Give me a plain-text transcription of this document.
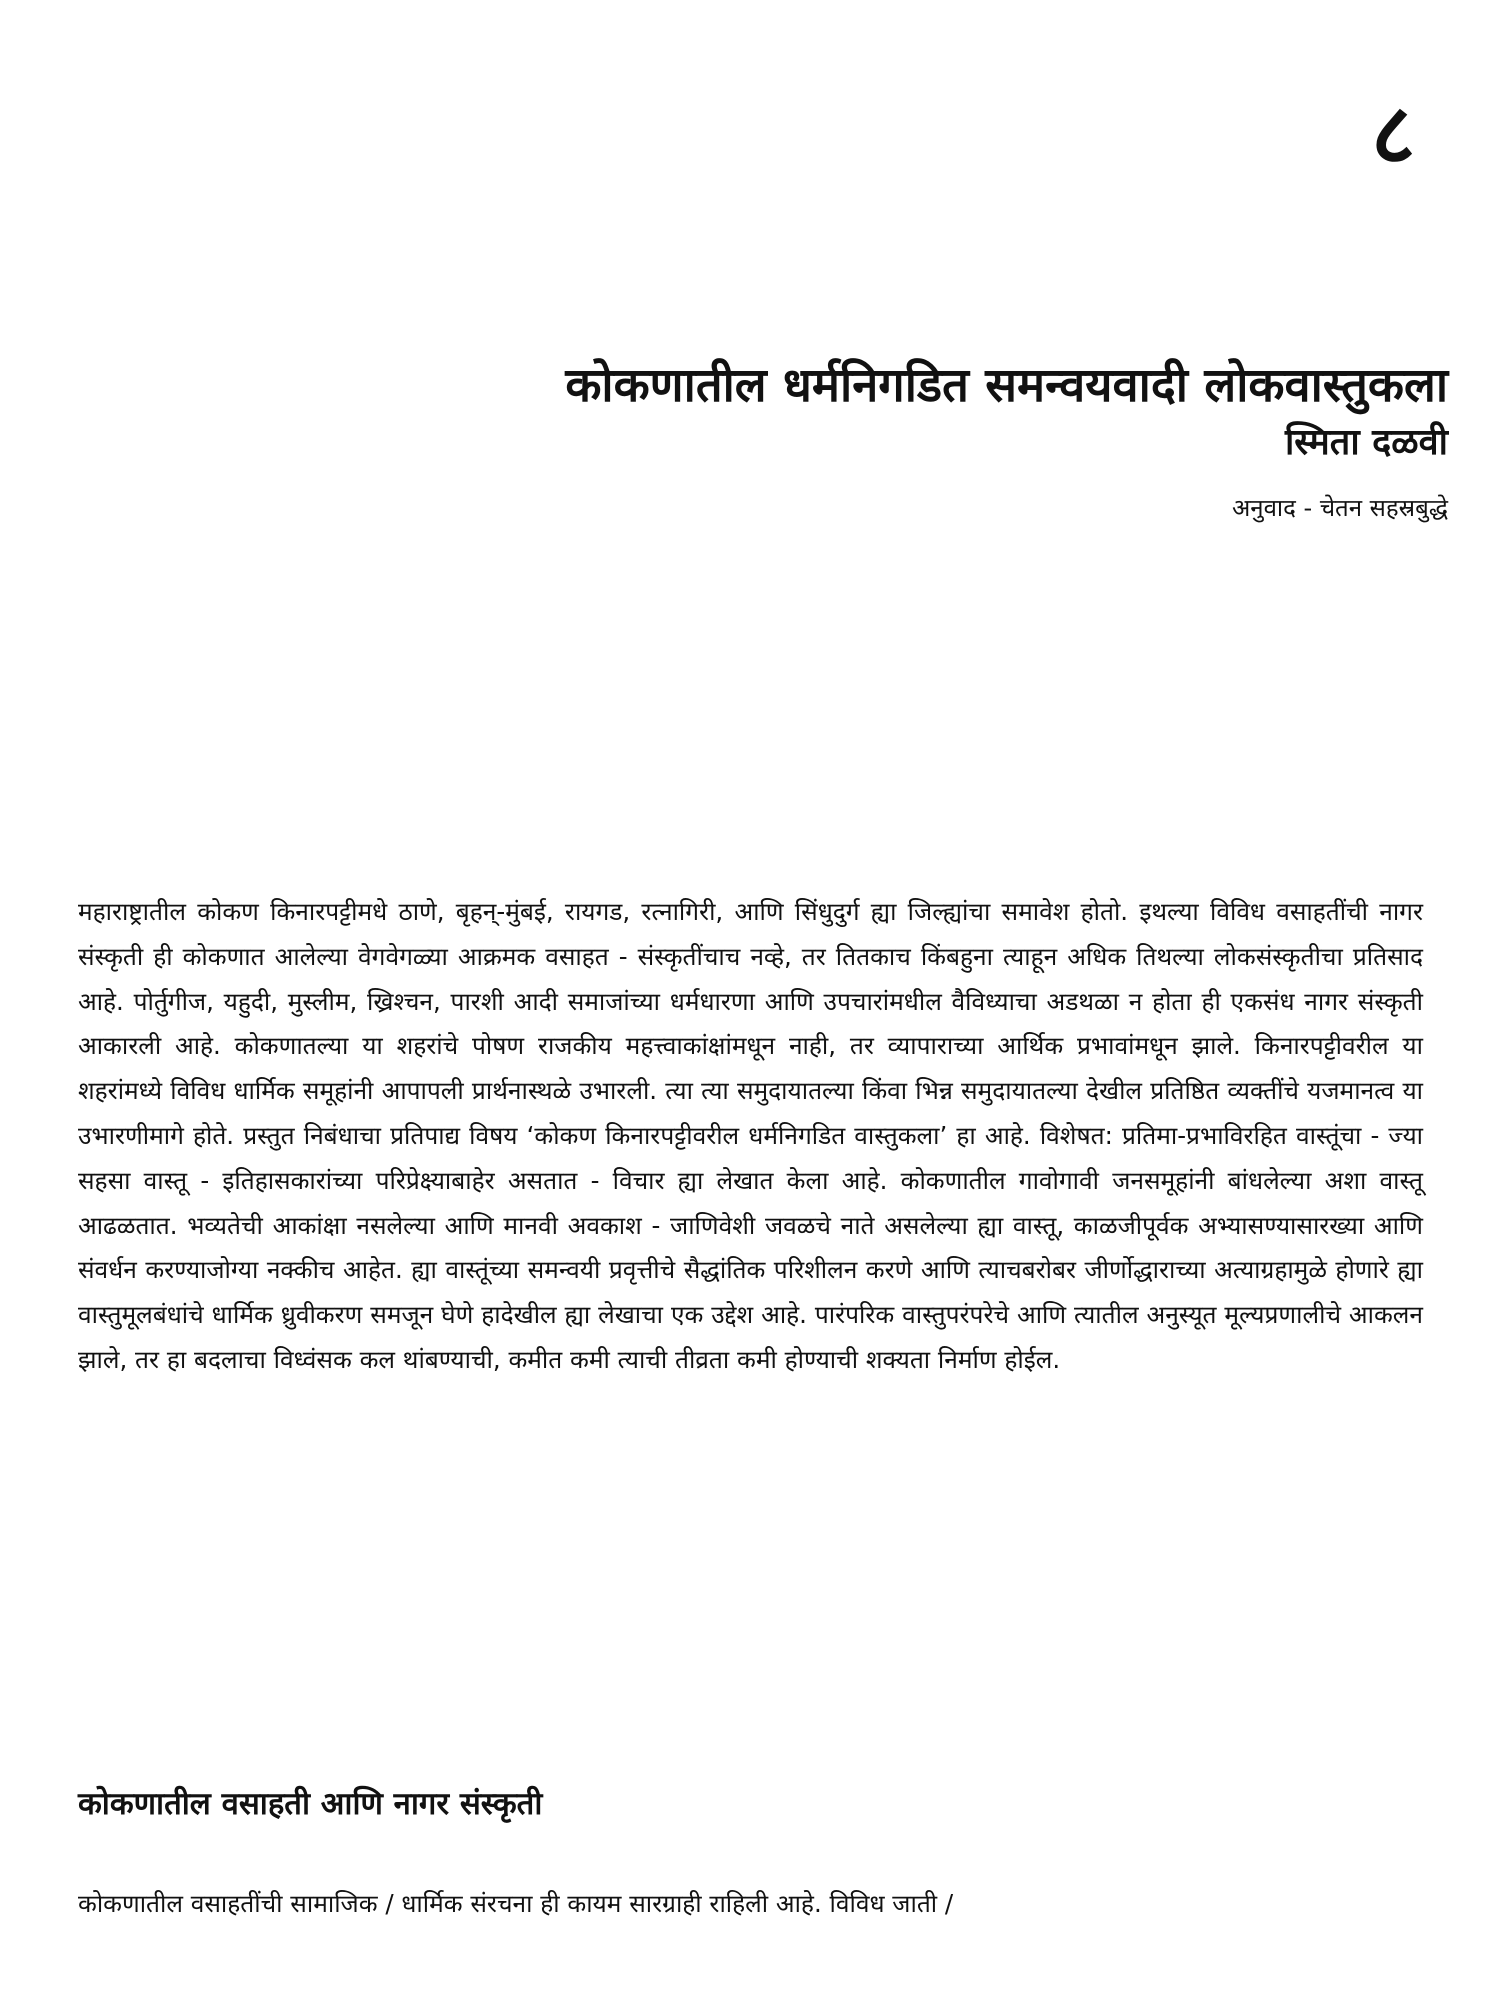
८
कोकणातील धर्मनिगडित समन्वयवादी लोकवास्तुकला
स्मिता दळवी
अनुवाद - चेतन सहस्रबुद्धे

महाराष्ट्रातील कोकण किनारपट्टीमधे ठाणे, बृहन्-मुंबई, रायगड, रत्नागिरी, आणि सिंधुदुर्ग ह्या जिल्ह्यांचा समावेश होतो. इथल्या विविध वसाहतींची नागर संस्कृती ही कोकणात आलेल्या वेगवेगळ्या आक्रमक वसाहत - संस्कृतींचाच नव्हे, तर तितकाच किंबहुना त्याहून अधिक तिथल्या लोकसंस्कृतीचा प्रतिसाद आहे. पोर्तुगीज, यहुदी, मुस्लीम, ख्रिश्चन, पारशी आदी समाजांच्या धर्मधारणा आणि उपचारांमधील वैविध्याचा अडथळा न होता ही एकसंध नागर संस्कृती आकारली आहे. कोकणातल्या या शहरांचे पोषण राजकीय महत्त्वाकांक्षांमधून नाही, तर व्यापाराच्या आर्थिक प्रभावांमधून झाले. किनारपट्टीवरील या शहरांमध्ये विविध धार्मिक समूहांनी आपापली प्रार्थनास्थळे उभारली. त्या त्या समुदायातल्या किंवा भिन्न समुदायातल्या देखील प्रतिष्ठित व्यक्तींचे यजमानत्व या उभारणीमागे होते. प्रस्तुत निबंधाचा प्रतिपाद्य विषय ‘कोकण किनारपट्टीवरील धर्मनिगडित वास्तुकला’ हा आहे. विशेषत: प्रतिमा-प्रभाविरहित वास्तूंचा - ज्या सहसा वास्तू - इतिहासकारांच्या परिप्रेक्ष्याबाहेर असतात - विचार ह्या लेखात केला आहे. कोकणातील गावोगावी जनसमूहांनी बांधलेल्या अशा वास्तू आढळतात. भव्यतेची आकांक्षा नसलेल्या आणि मानवी अवकाश - जाणिवेशी जवळचे नाते असलेल्या ह्या वास्तू, काळजीपूर्वक अभ्यासण्यासारख्या आणि संवर्धन करण्याजोग्या नक्कीच आहेत. ह्या वास्तूंच्या समन्वयी प्रवृत्तीचे सैद्धांतिक परिशीलन करणे आणि त्याचबरोबर जीर्णोद्धाराच्या अत्याग्रहामुळे होणारे ह्या वास्तुमूलबंधांचे धार्मिक ध्रुवीकरण समजून घेणे हादेखील ह्या लेखाचा एक उद्देश आहे. पारंपरिक वास्तुपरंपरेचे आणि त्यातील अनुस्यूत मूल्यप्रणालीचे आकलन झाले, तर हा बदलाचा विध्वंसक कल थांबण्याची, कमीत कमी त्याची तीव्रता कमी होण्याची शक्यता निर्माण होईल.

कोकणातील वसाहती आणि नागर संस्कृती

कोकणातील वसाहतींची सामाजिक / धार्मिक संरचना ही कायम सारग्राही राहिली आहे. विविध जाती /
